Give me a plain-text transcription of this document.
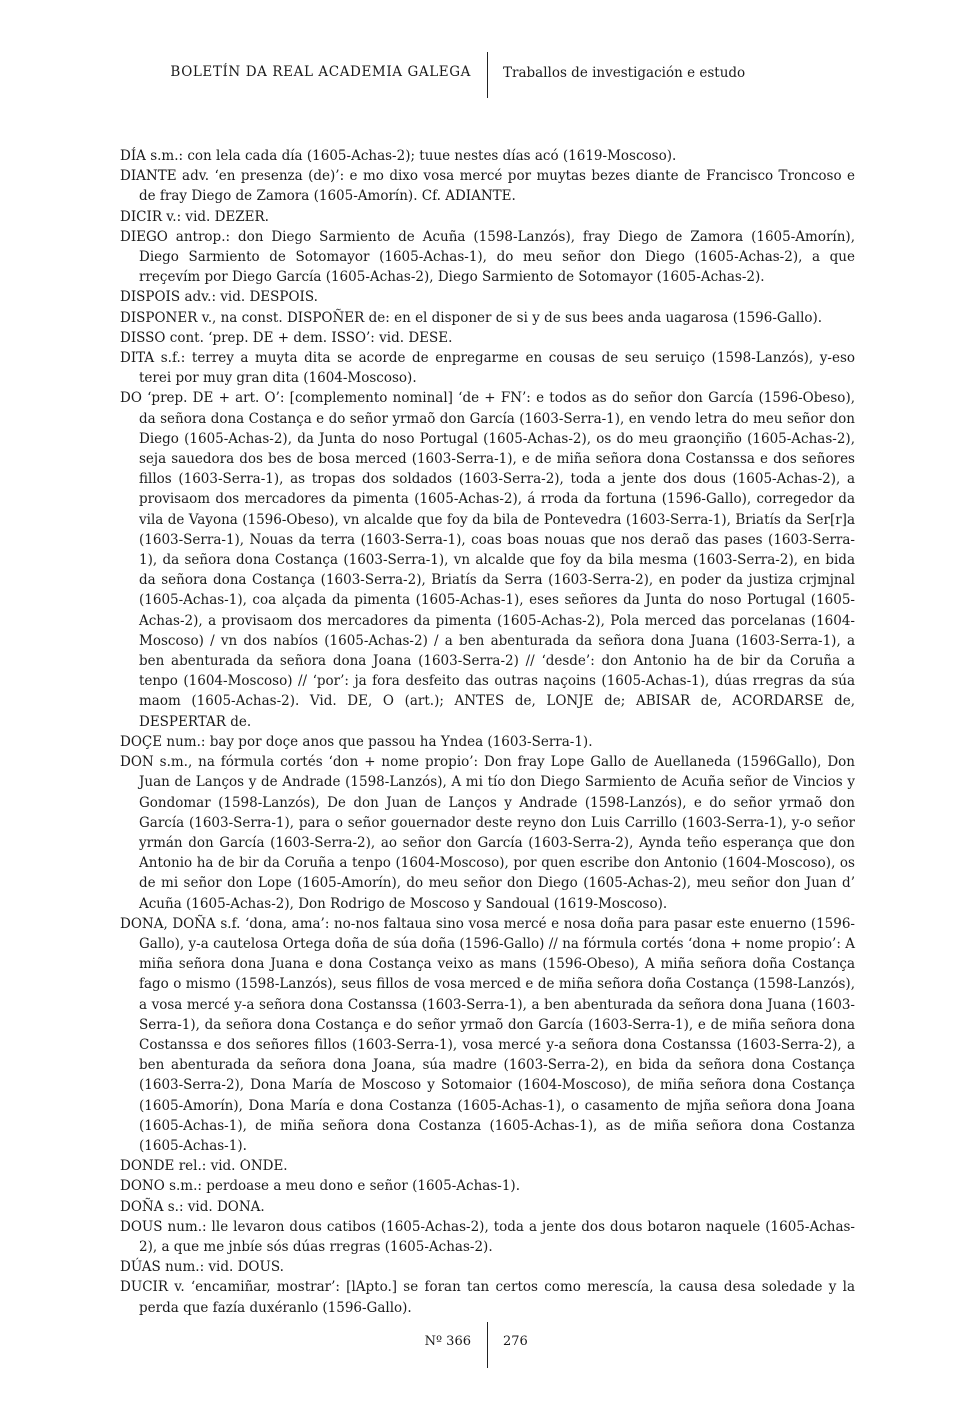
BOLETÍN DA REAL ACADEMIA GALEGA Traballos de investigación e estudo

DÍA s.m.: con lela cada día (1605-Achas-2); tuue nestes días acó (1619-Moscoso).

DIANTE adv. ‘en presenza (de)’: e mo dixo vosa mercé por muytas bezes diante de Francisco Troncoso e de fray Diego de Zamora (1605-Amorín). Cf. ADIANTE.

DICIR v.: vid. DEZER.

DIEGO antrop.: don Diego Sarmiento de Acuña (1598-Lanzós), fray Diego de Zamora (1605-Amorín), Diego Sarmiento de Sotomayor (1605-Achas-1), do meu señor don Diego (1605-Achas-2), a que rreçevím por Diego García (1605-Achas-2), Diego Sarmiento de Sotomayor (1605-Achas-2).

DISPOIS adv.: vid. DESPOIS.

DISPONER v., na const. DISPOÑER de: en el disponer de si y de sus bees anda uagarosa (1596-Gallo).

DISSO cont. ‘prep. DE + dem. ISSO’: vid. DESE.

DITA s.f.: terrey a muyta dita se acorde de enpregarme en cousas de seu seruiço (1598-Lanzós), y-eso terei por muy gran dita (1604-Moscoso).

DO ‘prep. DE + art. O’: [complemento nominal] ‘de + FN’: e todos as do señor don García (1596-Obeso), da señora dona Costança e do señor yrmaõ don García (1603-Serra-1), en vendo letra do meu señor don Diego (1605-Achas-2), da Junta do noso Portugal (1605-Achas-2), os do meu graonçiño (1605-Achas-2), seja sauedora dos bes de bosa merced (1603-Serra-1), e de miña señora dona Costanssa e dos señores fillos (1603-Serra-1), as tropas dos soldados (1603-Serra-2), toda a jente dos dous (1605-Achas-2), a provisaom dos mercadores da pimenta (1605-Achas-2), á rroda da fortuna (1596-Gallo), corregedor da vila de Vayona (1596-Obeso), vn alcalde que foy da bila de Pontevedra (1603-Serra-1), Briatís da Ser[r]a (1603-Serra-1), Nouas da terra (1603-Serra-1), coas boas nouas que nos deraõ das pases (1603-Serra-1), da señora dona Costança (1603-Serra-1), vn alcalde que foy da bila mesma (1603-Serra-2), en bida da señora dona Costança (1603-Serra-2), Briatís da Serra (1603-Serra-2), en poder da justiza crjmjnal (1605-Achas-1), coa alçada da pimenta (1605-Achas-1), eses señores da Junta do noso Portugal (1605-Achas-2), a provisaom dos mercadores da pimenta (1605-Achas-2), Pola merced das porcelanas (1604-Moscoso) / vn dos nabíos (1605-Achas-2) / a ben abenturada da señora dona Juana (1603-Serra-1), a ben abenturada da señora dona Joana (1603-Serra-2) // ‘desde’: don Antonio ha de bir da Coruña a tenpo (1604-Moscoso) // ‘por’: ja fora desfeito das outras naçoins (1605-Achas-1), dúas rregras da súa maom (1605-Achas-2). Vid. DE, O (art.); ANTES de, LONJE de; ABISAR de, ACORDARSE de, DESPERTAR de.

DOÇE num.: bay por doçe anos que passou ha Yndea (1603-Serra-1).

DON s.m., na fórmula cortés ‘don + nome propio’: Don fray Lope Gallo de Auellaneda (1596Gallo), Don Juan de Lanços y de Andrade (1598-Lanzós), A mi tío don Diego Sarmiento de Acuña señor de Vincios y Gondomar (1598-Lanzós), De don Juan de Lanços y Andrade (1598-Lanzós), e do señor yrmaõ don García (1603-Serra-1), para o señor gouernador deste reyno don Luis Carrillo (1603-Serra-1), y-o señor yrmán don García (1603-Serra-2), ao señor don García (1603-Serra-2), Aynda teño esperança que don Antonio ha de bir da Coruña a tenpo (1604-Moscoso), por quen escribe don Antonio (1604-Moscoso), os de mi señor don Lope (1605-Amorín), do meu señor don Diego (1605-Achas-2), meu señor don Juan d’ Acuña (1605-Achas-2), Don Rodrigo de Moscoso y Sandoual (1619-Moscoso).

DONA, DOÑA s.f. ‘dona, ama’: no-nos faltaua sino vosa mercé e nosa doña para pasar este enuerno (1596-Gallo), y-a cautelosa Ortega doña de súa doña (1596-Gallo) // na fórmula cortés ‘dona + nome propio’: A miña señora dona Juana e dona Costança veixo as mans (1596-Obeso), A miña señora doña Costança fago o mismo (1598-Lanzós), seus fillos de vosa merced e de miña señora doña Costança (1598-Lanzós), a vosa mercé y-a señora dona Costanssa (1603-Serra-1), a ben abenturada da señora dona Juana (1603-Serra-1), da señora dona Costança e do señor yrmaõ don García (1603-Serra-1), e de miña señora dona Costanssa e dos señores fillos (1603-Serra-1), vosa mercé y-a señora dona Costanssa (1603-Serra-2), a ben abenturada da señora dona Joana, súa madre (1603-Serra-2), en bida da señora dona Costança (1603-Serra-2), Dona María de Moscoso y Sotomaior (1604-Moscoso), de miña señora dona Costança (1605-Amorín), Dona María e dona Costanza (1605-Achas-1), o casamento de mjña señora dona Joana (1605-Achas-1), de miña señora dona Costanza (1605-Achas-1), as de miña señora dona Costanza (1605-Achas-1).

DONDE rel.: vid. ONDE.

DONO s.m.: perdoase a meu dono e señor (1605-Achas-1).

DOÑA s.: vid. DONA.

DOUS num.: lle levaron dous catibos (1605-Achas-2), toda a jente dos dous botaron naquele (1605-Achas-2), a que me jnbíe sós dúas rregras (1605-Achas-2).

DÚAS num.: vid. DOUS.

DUCIR v. ‘encamiñar, mostrar’: [lApto.] se foran tan certos como merescía, la causa desa soledade y la perda que fazía duxéranlo (1596-Gallo).

Nº 366 276
